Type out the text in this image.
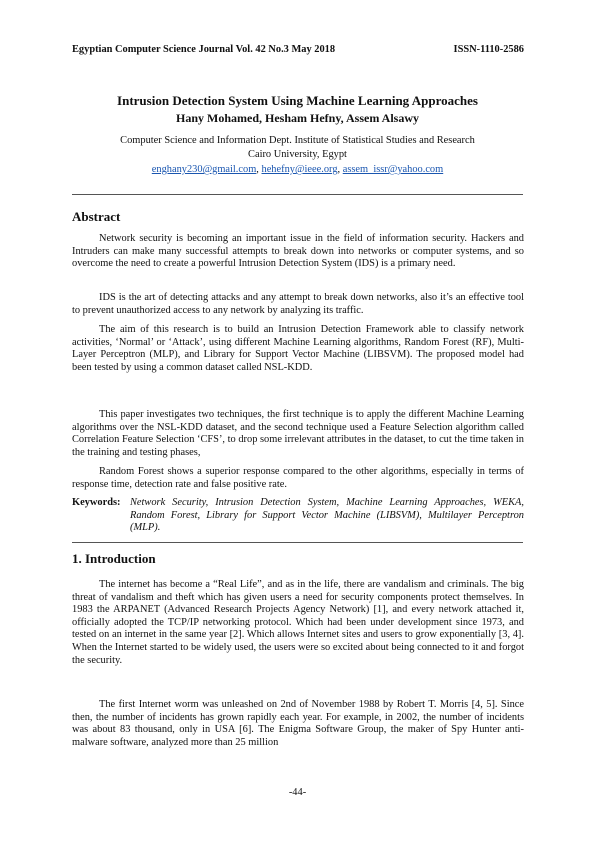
Egyptian Computer Science Journal Vol. 42 No.3 May 2018	ISSN-1110-2586
Intrusion Detection System Using Machine Learning Approaches
Hany Mohamed, Hesham Hefny, Assem Alsawy
Computer Science and Information Dept. Institute of Statistical Studies and Research
Cairo University, Egypt
enghany230@gmail.com, hehefny@ieee.org, assem_issr@yahoo.com
Abstract
Network security is becoming an important issue in the field of information security. Hackers and Intruders can make many successful attempts to break down into networks or computer systems, and so overcome the need to create a powerful Intrusion Detection System (IDS) is a primary need.
IDS is the art of detecting attacks and any attempt to break down networks, also it’s an effective tool to prevent unauthorized access to any network by analyzing its traffic.
The aim of this research is to build an Intrusion Detection Framework able to classify network activities, ‘Normal’ or ‘Attack’, using different Machine Learning algorithms, Random Forest (RF), Multi-Layer Perceptron (MLP), and Library for Support Vector Machine (LIBSVM). The proposed model had been tested by using a common dataset called NSL-KDD.
This paper investigates two techniques, the first technique is to apply the different Machine Learning algorithms over the NSL-KDD dataset, and the second technique used a Feature Selection algorithm called Correlation Feature Selection ‘CFS’, to drop some irrelevant attributes in the dataset, to cut the time taken in the training and testing phases,
Random Forest shows a superior response compared to the other algorithms, especially in terms of response time, detection rate and false positive rate.
Keywords: Network Security, Intrusion Detection System, Machine Learning Approaches, WEKA, Random Forest, Library for Support Vector Machine (LIBSVM), Multilayer Perceptron (MLP).
1. Introduction
The internet has become a “Real Life”, and as in the life, there are vandalism and criminals. The big threat of vandalism and theft which has given users a need for security components protect themselves. In 1983 the ARPANET (Advanced Research Projects Agency Network) [1], and every network attached it, officially adopted the TCP/IP networking protocol. Which had been under development since 1973, and tested on an internet in the same year [2]. Which allows Internet sites and users to grow exponentially [3, 4]. When the Internet started to be widely used, the users were so excited about being connected to it and forgot the security.
The first Internet worm was unleashed on 2nd of November 1988 by Robert T. Morris [4, 5]. Since then, the number of incidents has grown rapidly each year. For example, in 2002, the number of incidents was about 83 thousand, only in USA [6]. The Enigma Software Group, the maker of Spy Hunter anti-malware software, analyzed more than 25 million
-44-
